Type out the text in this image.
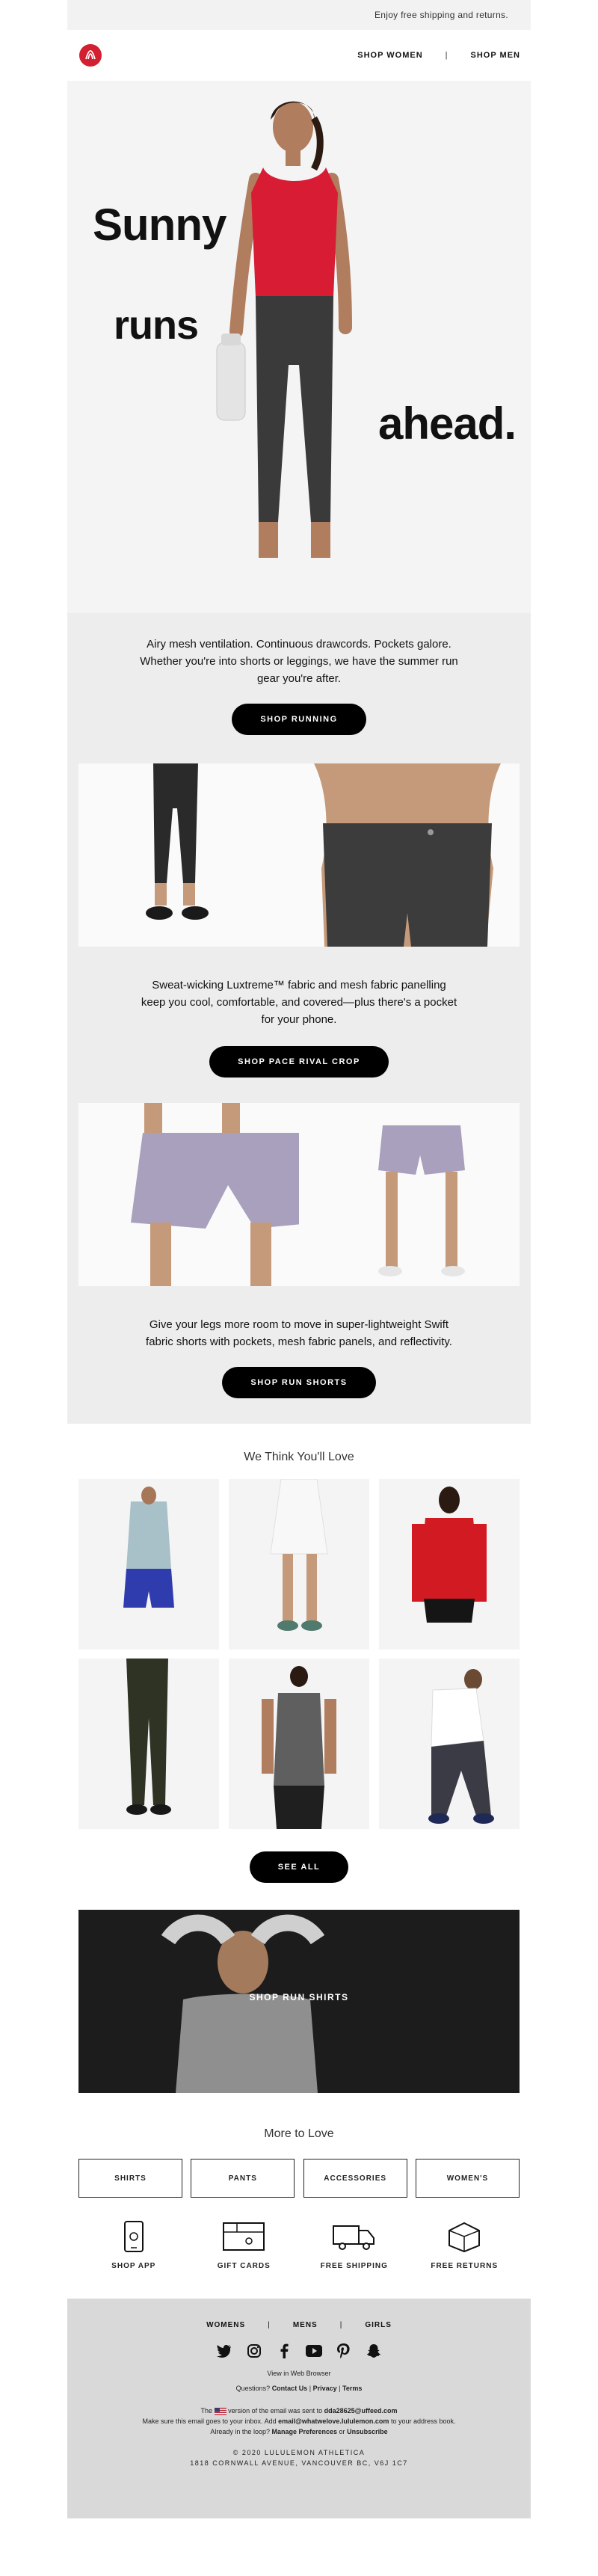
Enjoy free shipping and returns.
SHOP WOMEN	|	SHOP MEN
Sunny
runs
ahead.
Airy mesh ventilation. Continuous drawcords. Pockets galore. Whether you're into shorts or leggings, we have the summer run gear you're after.
SHOP RUNNING
Sweat-wicking Luxtreme™ fabric and mesh fabric panelling keep you cool, comfortable, and covered—plus there's a pocket for your phone.
SHOP PACE RIVAL CROP
Give your legs more room to move in super-lightweight Swift fabric shorts with pockets, mesh fabric panels, and reflectivity.
SHOP RUN SHORTS
We Think You'll Love
SEE ALL
SHOP RUN SHIRTS
More to Love
SHIRTS	PANTS	ACCESSORIES	WOMEN'S
SHOP APP	GIFT CARDS	FREE SHIPPING	FREE RETURNS
WOMENS	|	MENS	|	GIRLS
View in Web Browser
Questions? Contact Us | Privacy | Terms
The version of the email was sent to dda28625@uffeed.com
Make sure this email goes to your inbox. Add email@whatwelove.lululemon.com to your address book.
Already in the loop? Manage Preferences or Unsubscribe
© 2020 LULULEMON ATHLETICA
1818 CORNWALL AVENUE, VANCOUVER BC, V6J 1C7
